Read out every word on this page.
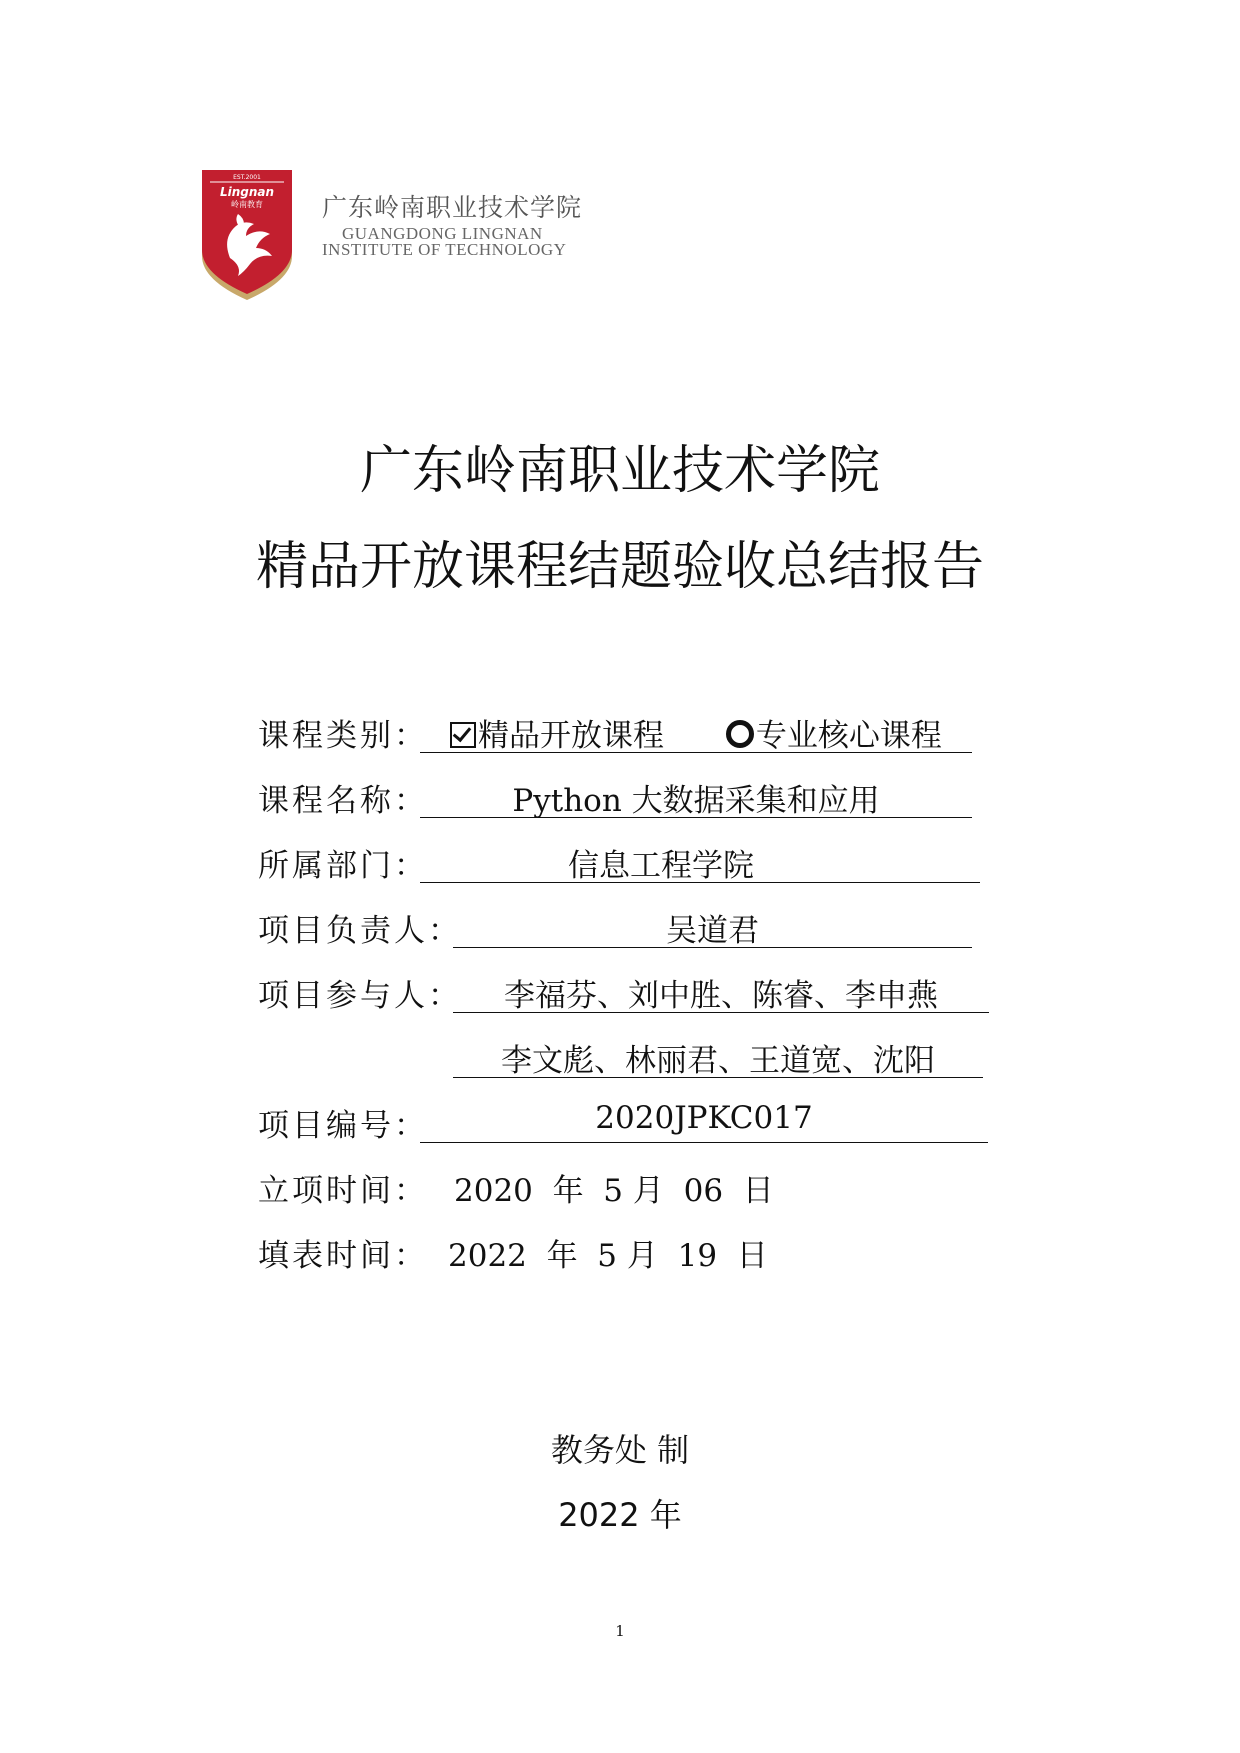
EST.2001
Lingnan
岭南教育 广东岭南职业技术学院
GUANGDONG LINGNAN
INSTITUTE OF TECHNOLOGY
广东岭南职业技术学院
精品开放课程结题验收总结报告
课程类别：	精品开放课程	专业核心课程
课程名称：	Python 大数据采集和应用
所属部门：	信息工程学院
项目负责人：	吴道君
项目参与人：	李福芬、刘中胜、陈睿、李申燕
李文彪、林丽君、王道宽、沈阳
项目编号：	2020JPKC017
立项时间： 2020  年  5 月  06  日
填表时间： 2022  年  5 月  19  日
教务处 制
2022 年
1
